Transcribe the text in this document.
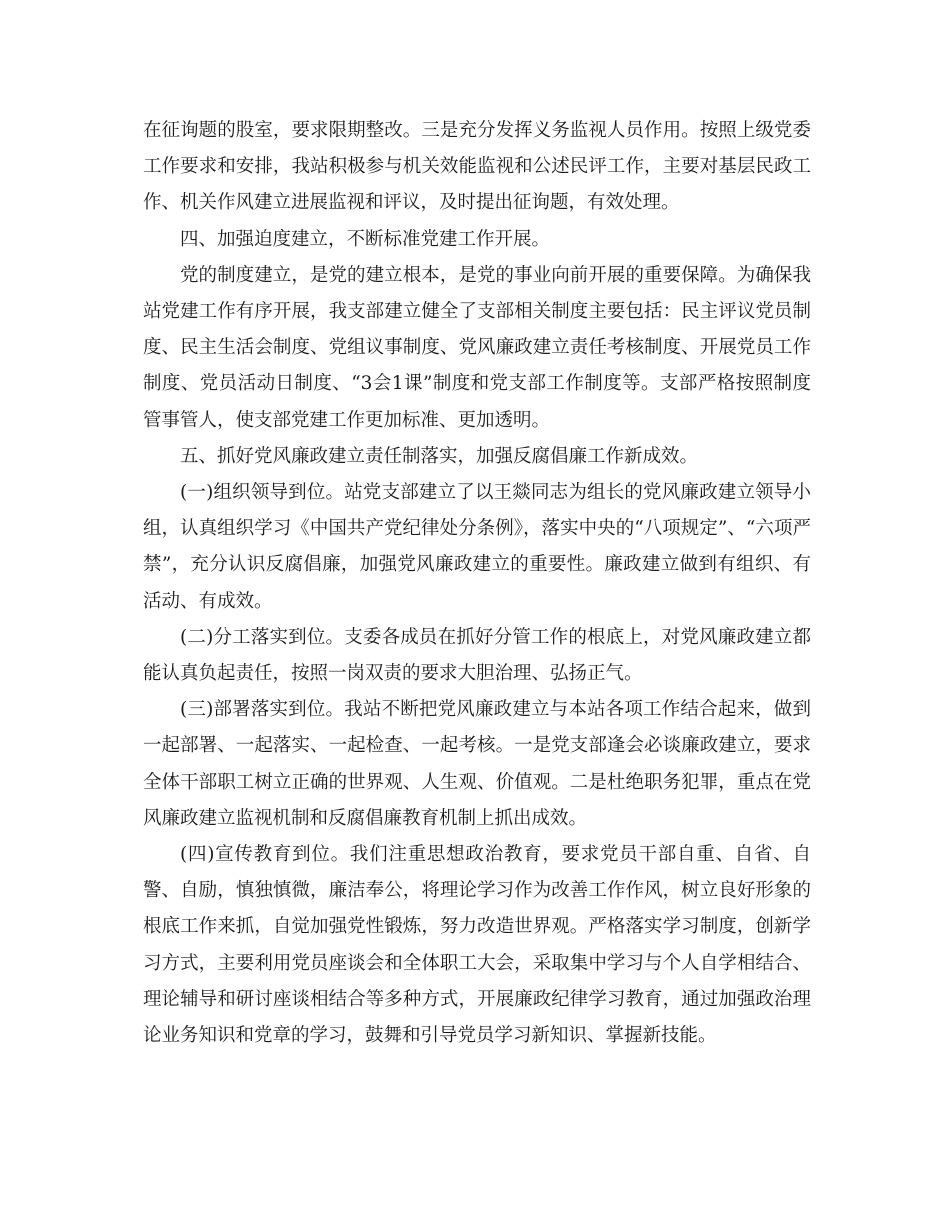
在征询题的股室，要求限期整改。三是充分发挥义务监视人员作用。按照上级党委工作要求和安排，我站积极参与机关效能监视和公述民评工作，主要对基层民政工作、机关作风建立进展监视和评议，及时提出征询题，有效处理。

四、加强迫度建立，不断标准党建工作开展。

党的制度建立，是党的建立根本，是党的事业向前开展的重要保障。为确保我站党建工作有序开展，我支部建立健全了支部相关制度主要包括：民主评议党员制度、民主生活会制度、党组议事制度、党风廉政建立责任考核制度、开展党员工作制度、党员活动日制度、“3会1课”制度和党支部工作制度等。支部严格按照制度管事管人，使支部党建工作更加标准、更加透明。

五、抓好党风廉政建立责任制落实，加强反腐倡廉工作新成效。

(一)组织领导到位。站党支部建立了以王燚同志为组长的党风廉政建立领导小组，认真组织学习《中国共产党纪律处分条例》，落实中央的“八项规定”、“六项严禁”，充分认识反腐倡廉，加强党风廉政建立的重要性。廉政建立做到有组织、有活动、有成效。

(二)分工落实到位。支委各成员在抓好分管工作的根底上，对党风廉政建立都能认真负起责任，按照一岗双责的要求大胆治理、弘扬正气。

(三)部署落实到位。我站不断把党风廉政建立与本站各项工作结合起来，做到一起部署、一起落实、一起检查、一起考核。一是党支部逢会必谈廉政建立，要求全体干部职工树立正确的世界观、人生观、价值观。二是杜绝职务犯罪，重点在党风廉政建立监视机制和反腐倡廉教育机制上抓出成效。

(四)宣传教育到位。我们注重思想政治教育，要求党员干部自重、自省、自警、自励，慎独慎微，廉洁奉公，将理论学习作为改善工作作风，树立良好形象的根底工作来抓，自觉加强党性锻炼，努力改造世界观。严格落实学习制度，创新学习方式，主要利用党员座谈会和全体职工大会，采取集中学习与个人自学相结合、理论辅导和研讨座谈相结合等多种方式，开展廉政纪律学习教育，通过加强政治理论业务知识和党章的学习，鼓舞和引导党员学习新知识、掌握新技能。
